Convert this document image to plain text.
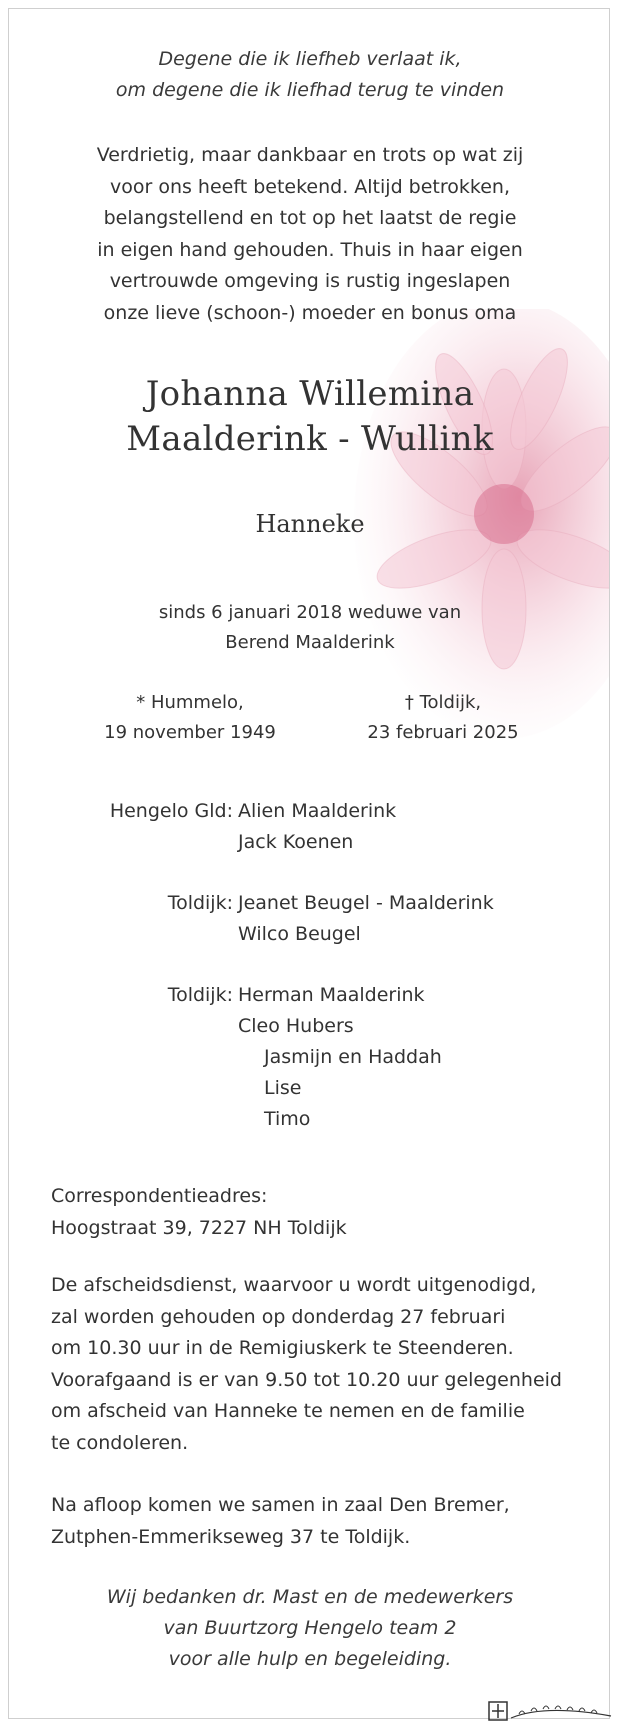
Degene die ik liefheb verlaat ik,
om degene die ik liefhad terug te vinden
Verdrietig, maar dankbaar en trots op wat zij
voor ons heeft betekend. Altijd betrokken,
belangstellend en tot op het laatst de regie
in eigen hand gehouden. Thuis in haar eigen
vertrouwde omgeving is rustig ingeslapen
onze lieve (schoon-) moeder en bonus oma
Johanna Willemina
Maalderink - Wullink
Hanneke
sinds 6 januari 2018 weduwe van
Berend Maalderink
* Hummelo,
19 november 1949
† Toldijk,
23 februari 2025
Hengelo Gld: Alien Maalderink
Jack Koenen
Toldijk: Jeanet Beugel - Maalderink
Wilco Beugel
Toldijk: Herman Maalderink
Cleo Hubers
Jasmijn en Haddah
Lise
Timo
Correspondentieadres:
Hoogstraat 39, 7227 NH Toldijk
De afscheidsdienst, waarvoor u wordt uitgenodigd,
zal worden gehouden op donderdag 27 februari
om 10.30 uur in de Remigiuskerk te Steenderen.
Voorafgaand is er van 9.50 tot 10.20 uur gelegenheid
om afscheid van Hanneke te nemen en de familie
te condoleren.
Na afloop komen we samen in zaal Den Bremer,
Zutphen-Emmerikseweg 37 te Toldijk.
Wij bedanken dr. Mast en de medewerkers
van Buurtzorg Hengelo team 2
voor alle hulp en begeleiding.
